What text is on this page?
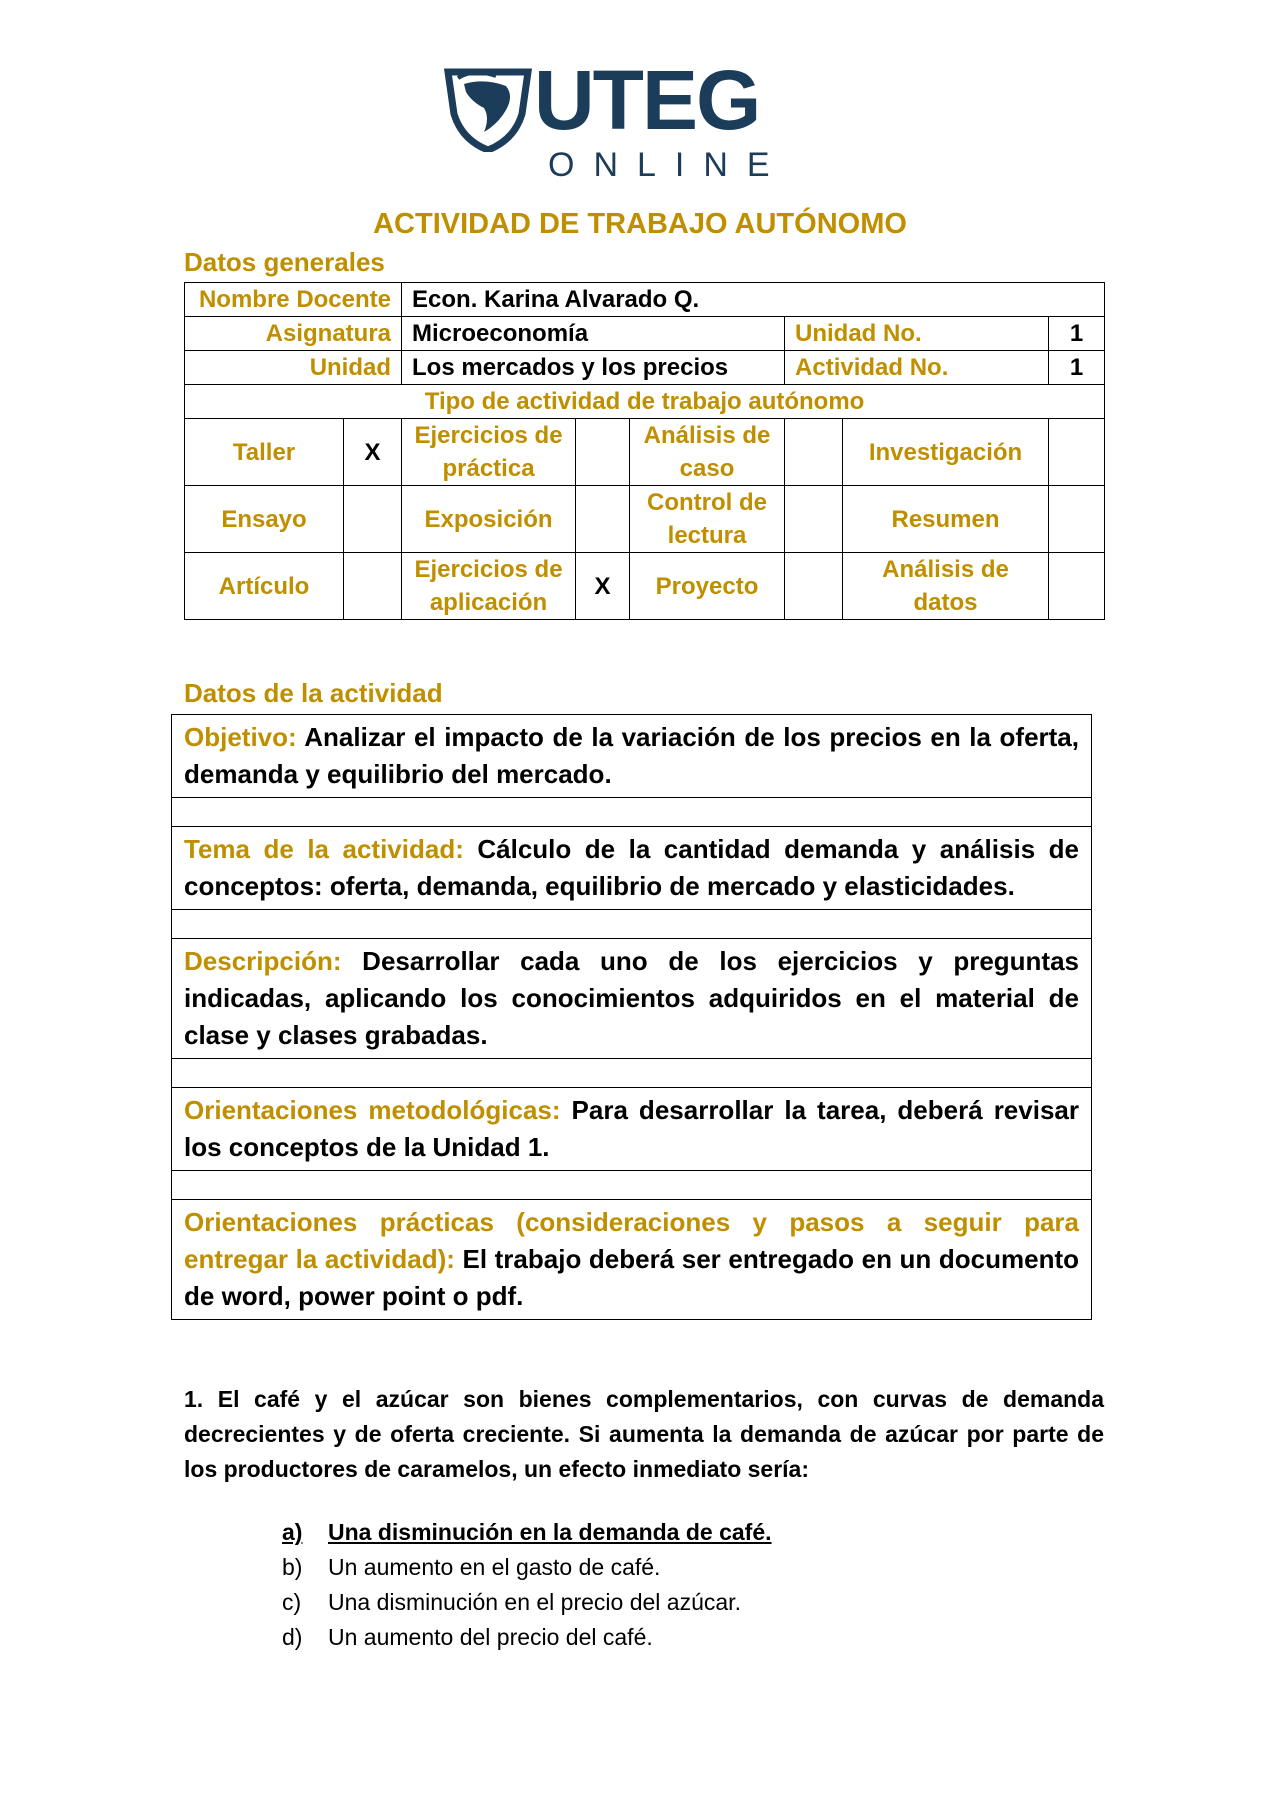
UTEG
ONLINE
ACTIVIDAD DE TRABAJO AUTÓNOMO
Datos generales
Nombre Docente		Econ. Karina Alvarado Q.					
Asignatura		Microeconomía			Unidad No.		1
Unidad		Los mercados y los precios			Actividad No.		1
Tipo de actividad de trabajo autónomo							
Taller	X	Ejercicios de práctica		Análisis de caso		Investigación	
Ensayo		Exposición		Control de lectura		Resumen	
Artículo		Ejercicios de aplicación	X	Proyecto		Análisis de datos	
Datos de la actividad
Objetivo: Analizar el impacto de la variación de los precios en la oferta, demanda y equilibrio del mercado.

Tema de la actividad: Cálculo de la cantidad demanda y análisis de conceptos: oferta, demanda, equilibrio de mercado y elasticidades.

Descripción: Desarrollar cada uno de los ejercicios y preguntas indicadas, aplicando los conocimientos adquiridos en el material de clase y clases grabadas.

Orientaciones metodológicas: Para desarrollar la tarea, deberá revisar los conceptos de la Unidad 1.

Orientaciones prácticas (consideraciones y pasos a seguir para entregar la actividad): El trabajo deberá ser entregado en un documento de word, power point o pdf.
1. El café y el azúcar son bienes complementarios, con curvas de demanda decrecientes y de oferta creciente. Si aumenta la demanda de azúcar por parte de los productores de caramelos, un efecto inmediato sería:
a)	Una disminución en la demanda de café.
b)	Un aumento en el gasto de café.
c)	Una disminución en el precio del azúcar.
d)	Un aumento del precio del café.
